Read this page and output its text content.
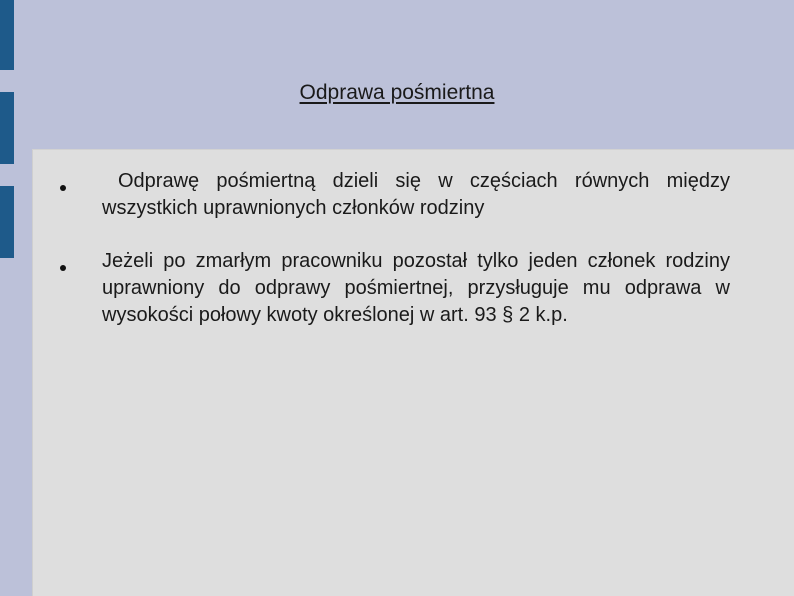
Odprawa pośmiertna
Odprawę pośmiertną dzieli się w częściach równych między wszystkich uprawnionych członków rodziny
Jeżeli po zmarłym pracowniku pozostał tylko jeden członek rodziny uprawniony do odprawy pośmiertnej, przysługuje mu odprawa w wysokości połowy kwoty określonej w art. 93 § 2 k.p.
